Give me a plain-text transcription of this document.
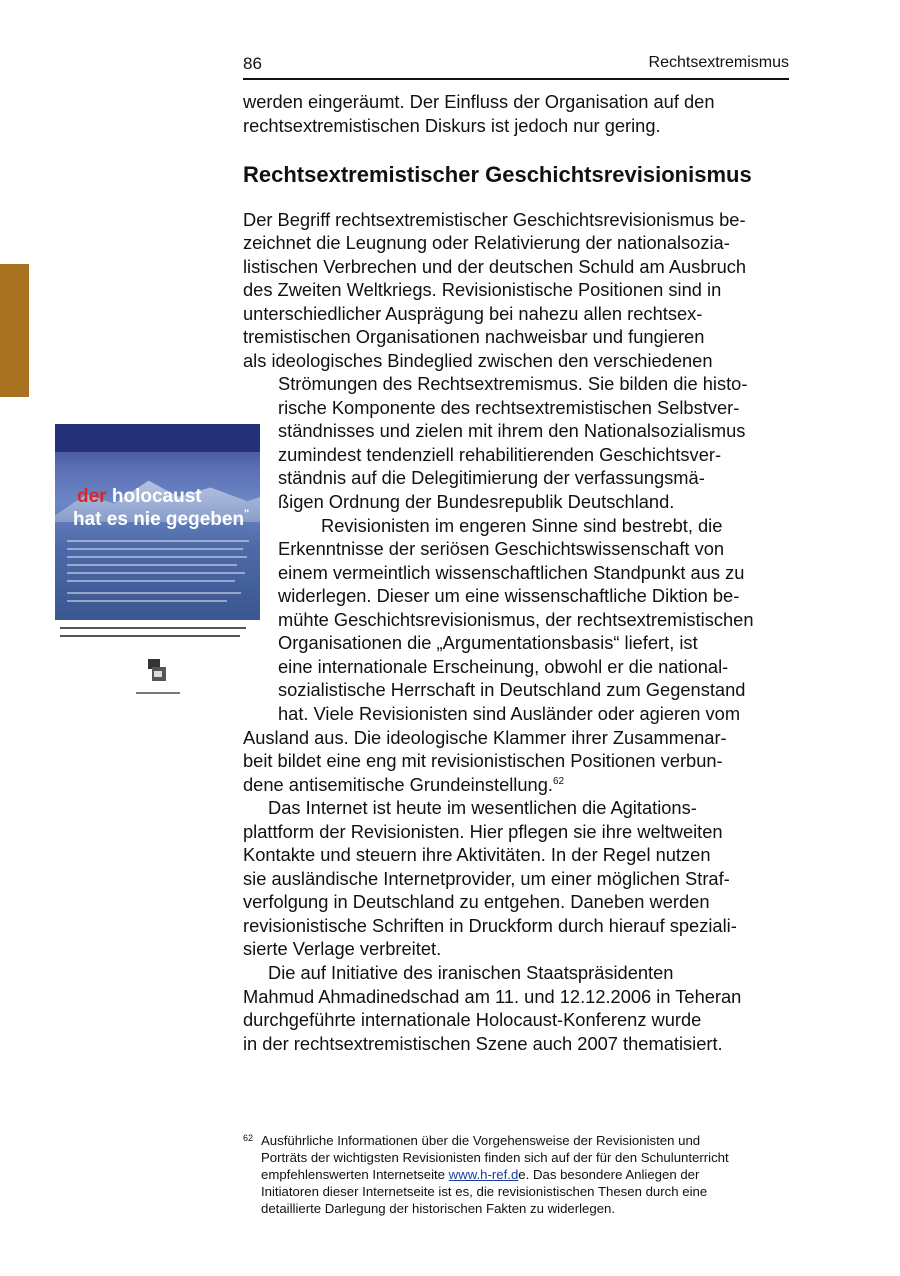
86	Rechtsextremismus
werden eingeräumt. Der Einfluss der Organisation auf den
rechtsextremistischen Diskurs ist jedoch nur gering.
Rechtsextremistischer Geschichtsrevisionismus
Der Begriff rechtsextremistischer Geschichtsrevisionismus be-
zeichnet die Leugnung oder Relativierung der nationalsozia-
listischen Verbrechen und der deutschen Schuld am Ausbruch
des Zweiten Weltkriegs. Revisionistische Positionen sind in
unterschiedlicher Ausprägung bei nahezu allen rechtsex-
tremistischen Organisationen nachweisbar und fungieren
als ideologisches Bindeglied zwischen den verschiedenen
Strömungen des Rechtsextremismus. Sie bilden die histo-
rische Komponente des rechtsextremistischen Selbstver-
ständnisses und zielen mit ihrem den Nationalsozialismus
zumindest tendenziell rehabilitierenden Geschichtsver-
ständnis auf die Delegitimierung der verfassungsmä-
ßigen Ordnung der Bundesrepublik Deutschland.
Revisionisten im engeren Sinne sind bestrebt, die
Erkenntnisse der seriösen Geschichtswissenschaft von
einem vermeintlich wissenschaftlichen Standpunkt aus zu
widerlegen. Dieser um eine wissenschaftliche Diktion be-
mühte Geschichtsrevisionismus, der rechtsextremistischen
Organisationen die „Argumentationsbasis“ liefert, ist
eine internationale Erscheinung, obwohl er die national-
sozialistische Herrschaft in Deutschland zum Gegenstand
hat. Viele Revisionisten sind Ausländer oder agieren vom
Ausland aus. Die ideologische Klammer ihrer Zusammenar-
beit bildet eine eng mit revisionistischen Positionen verbun-
dene antisemitische Grundeinstellung.$^{62}$
Das Internet ist heute im wesentlichen die Agitations-
plattform der Revisionisten. Hier pflegen sie ihre weltweiten
Kontakte und steuern ihre Aktivitäten. In der Regel nutzen
sie ausländische Internetprovider, um einer möglichen Straf-
verfolgung in Deutschland zu entgehen. Daneben werden
revisionistische Schriften in Druckform durch hierauf speziali-
sierte Verlage verbreitet.
Die auf Initiative des iranischen Staatspräsidenten
Mahmud Ahmadinedschad am 11. und 12.12.2006 in Teheran
durchgeführte internationale Holocaust-Konferenz wurde
in der rechtsextremistischen Szene auch 2007 thematisiert.
62 Ausführliche Informationen über die Vorgehensweise der Revisionisten und
Porträts der wichtigsten Revisionisten finden sich auf der für den Schulunterricht
empfehlenswerten Internetseite www.h-ref.de. Das besondere Anliegen der
Initiatoren dieser Internetseite ist es, die revisionistischen Thesen durch eine
detaillierte Darlegung der historischen Fakten zu widerlegen.
der holocaust
hat es nie gegeben"
